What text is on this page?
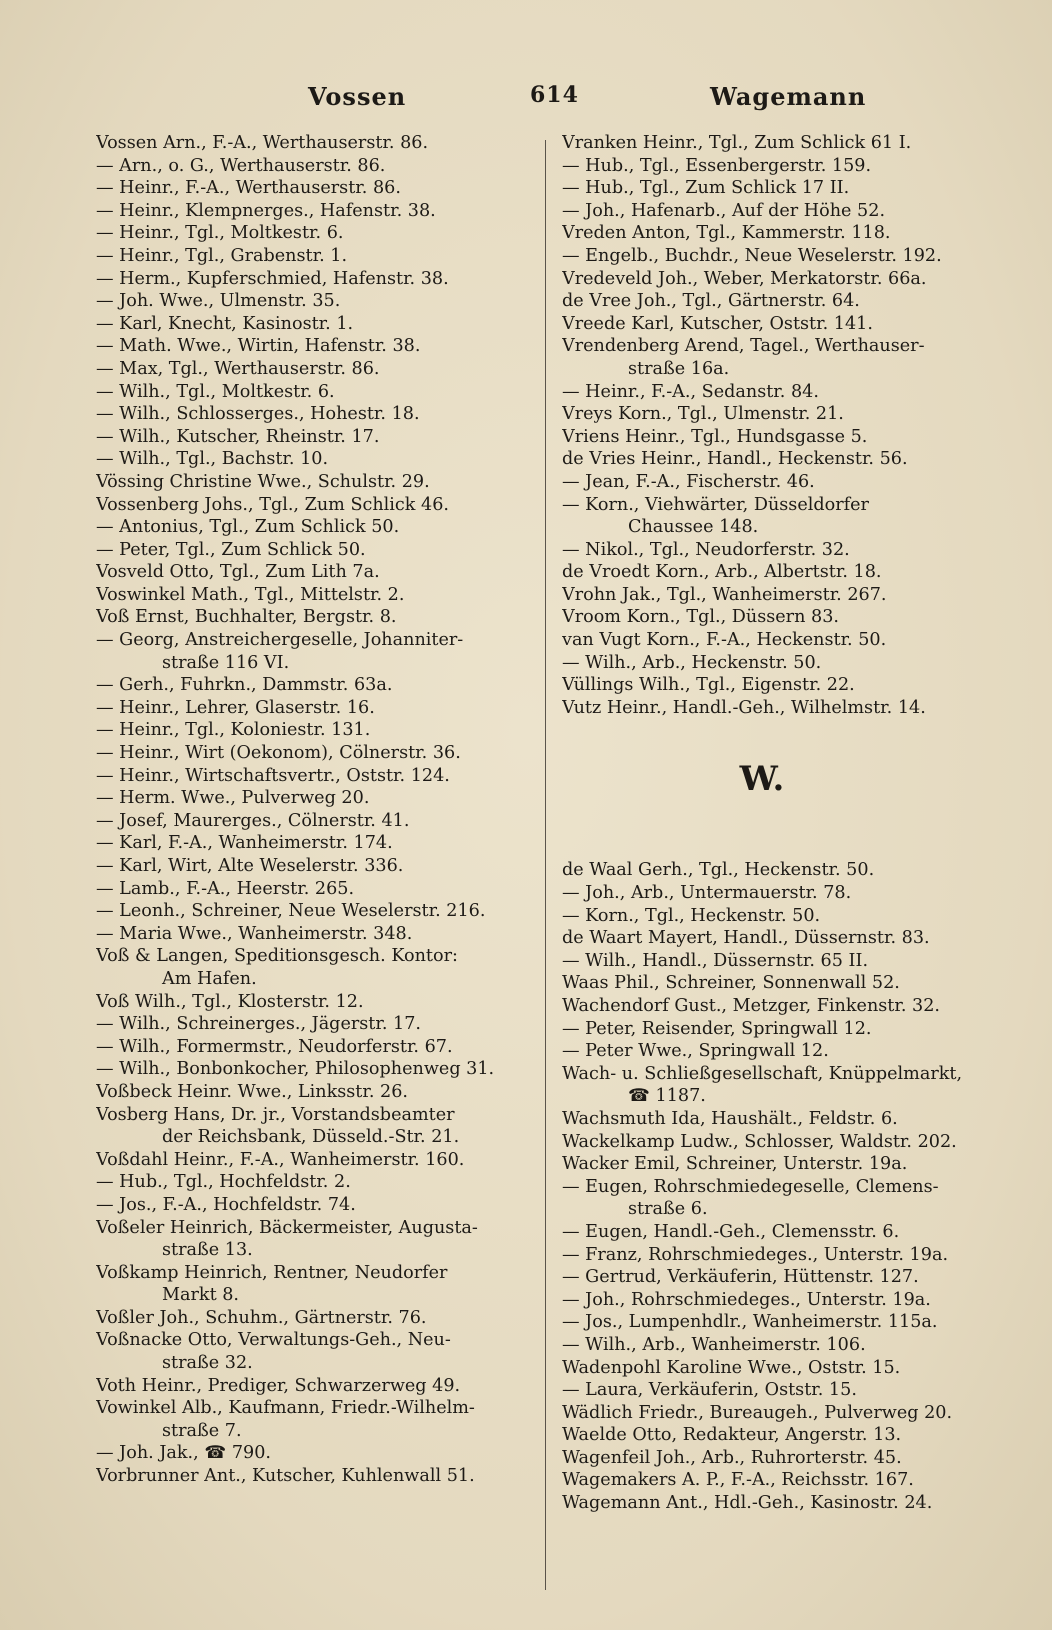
Vossen	614	Wagemann
Vossen Arn., F.-A., Werthauserstr. 86.
— Arn., o. G., Werthauserstr. 86.
— Heinr., F.-A., Werthauserstr. 86.
— Heinr., Klempnerges., Hafenstr. 38.
— Heinr., Tgl., Moltkestr. 6.
— Heinr., Tgl., Grabenstr. 1.
— Herm., Kupferschmied, Hafenstr. 38.
— Joh. Wwe., Ulmenstr. 35.
— Karl, Knecht, Kasinostr. 1.
— Math. Wwe., Wirtin, Hafenstr. 38.
— Max, Tgl., Werthauserstr. 86.
— Wilh., Tgl., Moltkestr. 6.
— Wilh., Schlosserges., Hohestr. 18.
— Wilh., Kutscher, Rheinstr. 17.
— Wilh., Tgl., Bachstr. 10.
Vössing Christine Wwe., Schulstr. 29.
Vossenberg Johs., Tgl., Zum Schlick 46.
— Antonius, Tgl., Zum Schlick 50.
— Peter, Tgl., Zum Schlick 50.
Vosveld Otto, Tgl., Zum Lith 7a.
Voswinkel Math., Tgl., Mittelstr. 2.
Voß Ernst, Buchhalter, Bergstr. 8.
— Georg, Anstreichergeselle, Johanniter-
straße 116 VI.
— Gerh., Fuhrkn., Dammstr. 63a.
— Heinr., Lehrer, Glaserstr. 16.
— Heinr., Tgl., Koloniestr. 131.
— Heinr., Wirt (Oekonom), Cölnerstr. 36.
— Heinr., Wirtschaftsvertr., Oststr. 124.
— Herm. Wwe., Pulverweg 20.
— Josef, Maurerges., Cölnerstr. 41.
— Karl, F.-A., Wanheimerstr. 174.
— Karl, Wirt, Alte Weselerstr. 336.
— Lamb., F.-A., Heerstr. 265.
— Leonh., Schreiner, Neue Weselerstr. 216.
— Maria Wwe., Wanheimerstr. 348.
Voß & Langen, Speditionsgesch. Kontor:
Am Hafen.
Voß Wilh., Tgl., Klosterstr. 12.
— Wilh., Schreinerges., Jägerstr. 17.
— Wilh., Formermstr., Neudorferstr. 67.
— Wilh., Bonbonkocher, Philosophenweg 31.
Voßbeck Heinr. Wwe., Linksstr. 26.
Vosberg Hans, Dr. jr., Vorstandsbeamter
der Reichsbank, Düsseld.-Str. 21.
Voßdahl Heinr., F.-A., Wanheimerstr. 160.
— Hub., Tgl., Hochfeldstr. 2.
— Jos., F.-A., Hochfeldstr. 74.
Voßeler Heinrich, Bäckermeister, Augusta-
straße 13.
Voßkamp Heinrich, Rentner, Neudorfer
Markt 8.
Voßler Joh., Schuhm., Gärtnerstr. 76.
Voßnacke Otto, Verwaltungs-Geh., Neu-
straße 32.
Voth Heinr., Prediger, Schwarzerweg 49.
Vowinkel Alb., Kaufmann, Friedr.-Wilhelm-
straße 7.
— Joh. Jak., ☎ 790.
Vorbrunner Ant., Kutscher, Kuhlenwall 51.
Vranken Heinr., Tgl., Zum Schlick 61 I.
— Hub., Tgl., Essenbergerstr. 159.
— Hub., Tgl., Zum Schlick 17 II.
— Joh., Hafenarb., Auf der Höhe 52.
Vreden Anton, Tgl., Kammerstr. 118.
— Engelb., Buchdr., Neue Weselerstr. 192.
Vredeveld Joh., Weber, Merkatorstr. 66a.
de Vree Joh., Tgl., Gärtnerstr. 64.
Vreede Karl, Kutscher, Oststr. 141.
Vrendenberg Arend, Tagel., Werthauser-
straße 16a.
— Heinr., F.-A., Sedanstr. 84.
Vreys Korn., Tgl., Ulmenstr. 21.
Vriens Heinr., Tgl., Hundsgasse 5.
de Vries Heinr., Handl., Heckenstr. 56.
— Jean, F.-A., Fischerstr. 46.
— Korn., Viehwärter, Düsseldorfer
Chaussee 148.
— Nikol., Tgl., Neudorferstr. 32.
de Vroedt Korn., Arb., Albertstr. 18.
Vrohn Jak., Tgl., Wanheimerstr. 267.
Vroom Korn., Tgl., Düssern 83.
van Vugt Korn., F.-A., Heckenstr. 50.
— Wilh., Arb., Heckenstr. 50.
Vüllings Wilh., Tgl., Eigenstr. 22.
Vutz Heinr., Handl.-Geh., Wilhelmstr. 14.
W.
de Waal Gerh., Tgl., Heckenstr. 50.
— Joh., Arb., Untermauerstr. 78.
— Korn., Tgl., Heckenstr. 50.
de Waart Mayert, Handl., Düssernstr. 83.
— Wilh., Handl., Düssernstr. 65 II.
Waas Phil., Schreiner, Sonnenwall 52.
Wachendorf Gust., Metzger, Finkenstr. 32.
— Peter, Reisender, Springwall 12.
— Peter Wwe., Springwall 12.
Wach- u. Schließgesellschaft, Knüppelmarkt,
☎ 1187.
Wachsmuth Ida, Haushält., Feldstr. 6.
Wackelkamp Ludw., Schlosser, Waldstr. 202.
Wacker Emil, Schreiner, Unterstr. 19a.
— Eugen, Rohrschmiedegeselle, Clemens-
straße 6.
— Eugen, Handl.-Geh., Clemensstr. 6.
— Franz, Rohrschmiedeges., Unterstr. 19a.
— Gertrud, Verkäuferin, Hüttenstr. 127.
— Joh., Rohrschmiedeges., Unterstr. 19a.
— Jos., Lumpenhdlr., Wanheimerstr. 115a.
— Wilh., Arb., Wanheimerstr. 106.
Wadenpohl Karoline Wwe., Oststr. 15.
— Laura, Verkäuferin, Oststr. 15.
Wädlich Friedr., Bureaugeh., Pulverweg 20.
Waelde Otto, Redakteur, Angerstr. 13.
Wagenfeil Joh., Arb., Ruhrorterstr. 45.
Wagemakers A. P., F.-A., Reichsstr. 167.
Wagemann Ant., Hdl.-Geh., Kasinostr. 24.
